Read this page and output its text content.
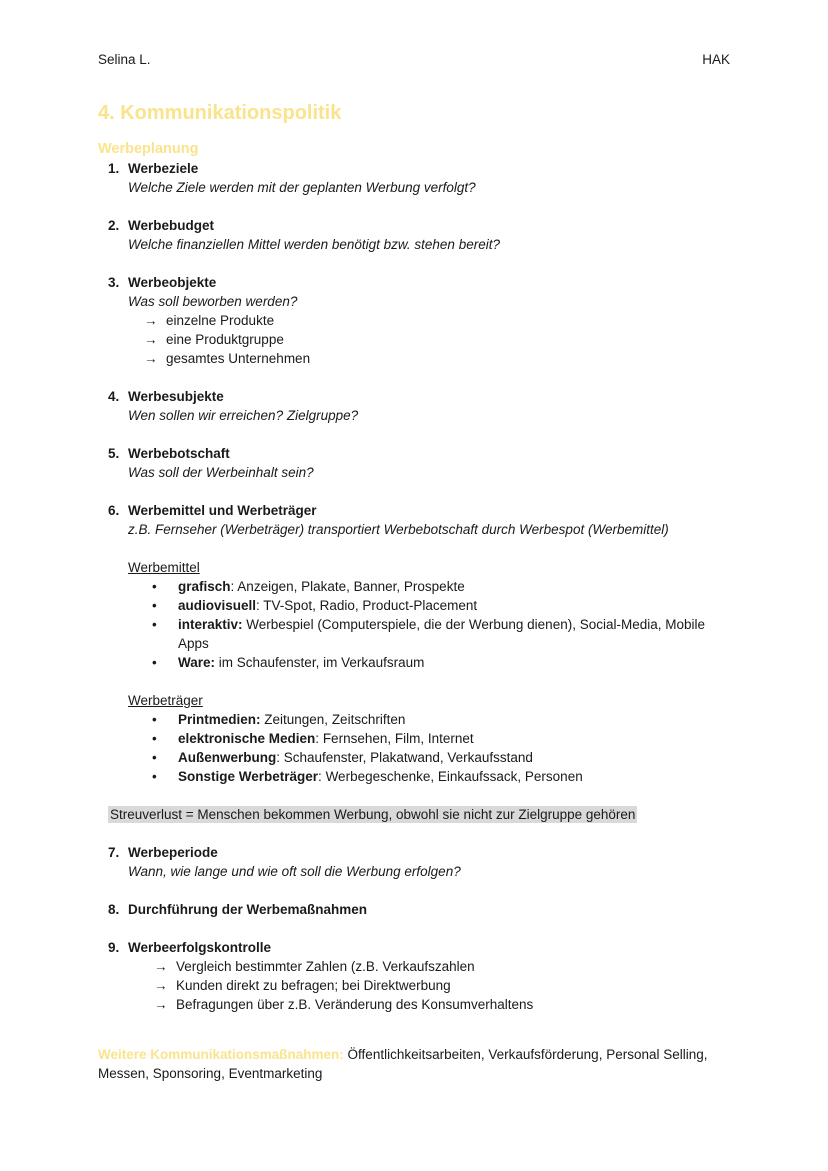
Selina L.	HAK
4. Kommunikationspolitik
Werbeplanung
1. Werbeziele
Welche Ziele werden mit der geplanten Werbung verfolgt?
2. Werbebudget
Welche finanziellen Mittel werden benötigt bzw. stehen bereit?
3. Werbeobjekte
Was soll beworben werden?
→ einzelne Produkte
→ eine Produktgruppe
→ gesamtes Unternehmen
4. Werbesubjekte
Wen sollen wir erreichen? Zielgruppe?
5. Werbebotschaft
Was soll der Werbeinhalt sein?
6. Werbemittel und Werbeträger
z.B. Fernseher (Werbeträger) transportiert Werbebotschaft durch Werbespot (Werbemittel)
Werbemittel
• grafisch: Anzeigen, Plakate, Banner, Prospekte
• audiovisuell: TV-Spot, Radio, Product-Placement
• interaktiv: Werbespiel (Computerspiele, die der Werbung dienen), Social-Media, Mobile Apps
• Ware: im Schaufenster, im Verkaufsraum
Werbeträger
• Printmedien: Zeitungen, Zeitschriften
• elektronische Medien: Fernsehen, Film, Internet
• Außenwerbung: Schaufenster, Plakatwand, Verkaufsstand
• Sonstige Werbeträger: Werbegeschenke, Einkaufssack, Personen
Streuverlust = Menschen bekommen Werbung, obwohl sie nicht zur Zielgruppe gehören
7. Werbeperiode
Wann, wie lange und wie oft soll die Werbung erfolgen?
8. Durchführung der Werbemaßnahmen
9. Werbeerfolgskontrolle
→ Vergleich bestimmter Zahlen (z.B. Verkaufszahlen
→ Kunden direkt zu befragen; bei Direktwerbung
→ Befragungen über z.B. Veränderung des Konsumverhaltens
Weitere Kommunikationsmaßnahmen: Öffentlichkeitsarbeiten, Verkaufsförderung, Personal Selling, Messen, Sponsoring, Eventmarketing
